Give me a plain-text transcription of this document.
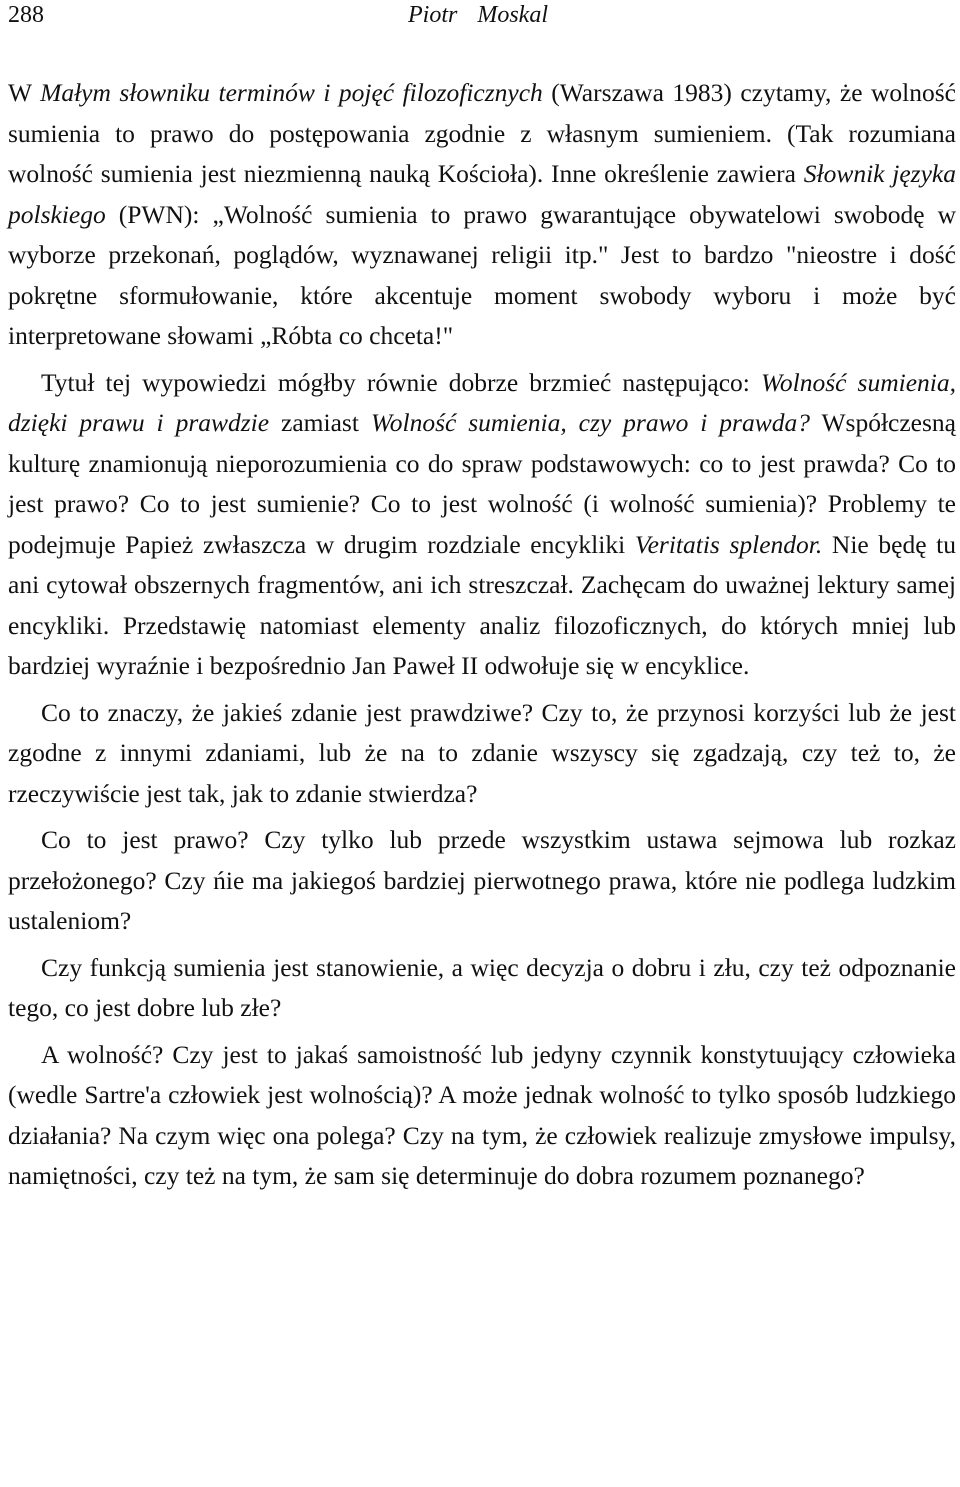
288	Piotr Moskal

W Małym słowniku terminów i pojęć filozoficznych (Warszawa 1983) czytamy, że wolność sumienia to prawo do postępowania zgodnie z własnym sumieniem. (Tak rozumiana wolność sumienia jest niezmienną nauką Kościoła). Inne określenie zawiera Słownik języka polskiego (PWN): „Wolność sumienia to prawo gwarantujące obywatelowi swobodę w wyborze przekonań, poglądów, wyznawanej religii itp." Jest to bardzo "nieostre i dość pokrętne sformułowanie, które akcentuje moment swobody wyboru i może być interpretowane słowami „Róbta co chceta!"

Tytuł tej wypowiedzi mógłby równie dobrze brzmieć następująco: Wolność sumienia, dzięki prawu i prawdzie zamiast Wolność sumienia, czy prawo i prawda? Współczesną kulturę znamionują nieporozumienia co do spraw podstawowych: co to jest prawda? Co to jest prawo? Co to jest sumienie? Co to jest wolność (i wolność sumienia)? Problemy te podejmuje Papież zwłaszcza w drugim rozdziale encykliki Veritatis splendor. Nie będę tu ani cytował obszernych fragmentów, ani ich streszczał. Zachęcam do uważnej lektury samej encykliki. Przedstawię natomiast elementy analiz filozoficznych, do których mniej lub bardziej wyraźnie i bezpośrednio Jan Paweł II odwołuje się w encyklice.

Co to znaczy, że jakieś zdanie jest prawdziwe? Czy to, że przynosi korzyści lub że jest zgodne z innymi zdaniami, lub że na to zdanie wszyscy się zgadzają, czy też to, że rzeczywiście jest tak, jak to zdanie stwierdza?

Co to jest prawo? Czy tylko lub przede wszystkim ustawa sejmowa lub rozkaz przełożonego? Czy ńie ma jakiegoś bardziej pierwotnego prawa, które nie podlega ludzkim ustaleniom?

Czy funkcją sumienia jest stanowienie, a więc decyzja o dobru i złu, czy też odpoznanie tego, co jest dobre lub złe?

A wolność? Czy jest to jakaś samoistność lub jedyny czynnik konstytuujący człowieka (wedle Sartre'a człowiek jest wolnością)? A może jednak wolność to tylko sposób ludzkiego działania? Na czym więc ona polega? Czy na tym, że człowiek realizuje zmysłowe impulsy, namiętności, czy też na tym, że sam się determinuje do dobra rozumem poznanego?
